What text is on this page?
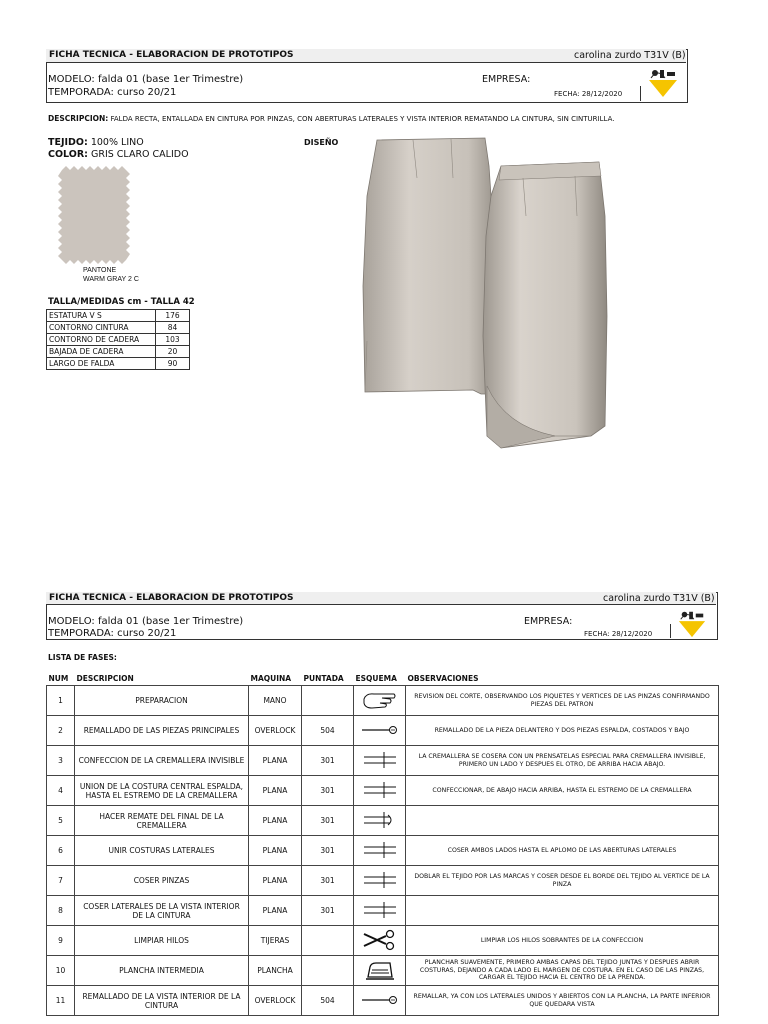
FICHA TECNICA - ELABORACION DE PROTOTIPOS	carolina zurdo T31V (B)
MODELO: falda 01 (base 1er Trimestre)
TEMPORADA: curso 20/21
EMPRESA:
FECHA: 28/12/2020
DESCRIPCION: FALDA RECTA, ENTALLADA EN CINTURA POR PINZAS, CON ABERTURAS LATERALES Y VISTA INTERIOR REMATANDO LA CINTURA, SIN CINTURILLA.
TEJIDO: 100% LINO
COLOR: GRIS CLARO CALIDO
DISEÑO
PANTONE
WARM GRAY 2 C
TALLA/MEDIDAS cm - TALLA 42
ESTATURA V S	176
CONTORNO CINTURA	84
CONTORNO DE CADERA	103
BAJADA DE CADERA	20
LARGO DE FALDA	90
FICHA TECNICA - ELABORACION DE PROTOTIPOS	carolina zurdo T31V (B)
MODELO: falda 01 (base 1er Trimestre)
TEMPORADA: curso 20/21
EMPRESA:
FECHA: 28/12/2020
LISTA DE FASES:
NUM	DESCRIPCION	MAQUINA	PUNTADA	ESQUEMA	OBSERVACIONES
1	PREPARACION	MANO			REVISION DEL CORTE, OBSERVANDO LOS PIQUETES Y VERTICES DE LAS PINZAS CONFIRMANDO PIEZAS DEL PATRON
2	REMALLADO DE LAS PIEZAS PRINCIPALES	OVERLOCK	504		REMALLADO DE LA PIEZA DELANTERO Y DOS PIEZAS ESPALDA, COSTADOS Y BAJO
3	CONFECCION DE LA CREMALLERA INVISIBLE	PLANA	301		LA CREMALLERA SE COSERA CON UN PRENSATELAS ESPECIAL PARA CREMALLERA INVISIBLE, PRIMERO UN LADO Y DESPUES EL OTRO, DE ARRIBA HACIA ABAJO.
4	UNION DE LA COSTURA CENTRAL ESPALDA, HASTA EL ESTREMO DE LA CREMALLERA	PLANA	301		CONFECCIONAR, DE ABAJO HACIA ARRIBA, HASTA EL ESTREMO DE LA CREMALLERA
5	HACER REMATE DEL FINAL DE LA CREMALLERA	PLANA	301		
6	UNIR COSTURAS LATERALES	PLANA	301		COSER AMBOS LADOS HASTA EL APLOMO DE LAS ABERTURAS LATERALES
7	COSER PINZAS	PLANA	301		DOBLAR EL TEJIDO POR LAS MARCAS Y COSER DESDE EL BORDE DEL TEJIDO AL VERTICE DE LA PINZA
8	COSER LATERALES DE LA VISTA INTERIOR DE LA CINTURA	PLANA	301		
9	LIMPIAR HILOS	TIJERAS			LIMPIAR LOS HILOS SOBRANTES DE LA CONFECCION
10	PLANCHA INTERMEDIA	PLANCHA			PLANCHAR SUAVEMENTE, PRIMERO AMBAS CAPAS DEL TEJIDO JUNTAS Y DESPUES ABRIR COSTURAS, DEJANDO A CADA LADO EL MARGEN DE COSTURA. EN EL CASO DE LAS PINZAS, CARGAR EL TEJIDO HACIA EL CENTRO DE LA PRENDA.
11	REMALLADO DE LA VISTA INTERIOR DE LA CINTURA	OVERLOCK	504		REMALLAR, YA CON LOS LATERALES UNIDOS Y ABIERTOS CON LA PLANCHA, LA PARTE INFERIOR QUE QUEDARA VISTA
